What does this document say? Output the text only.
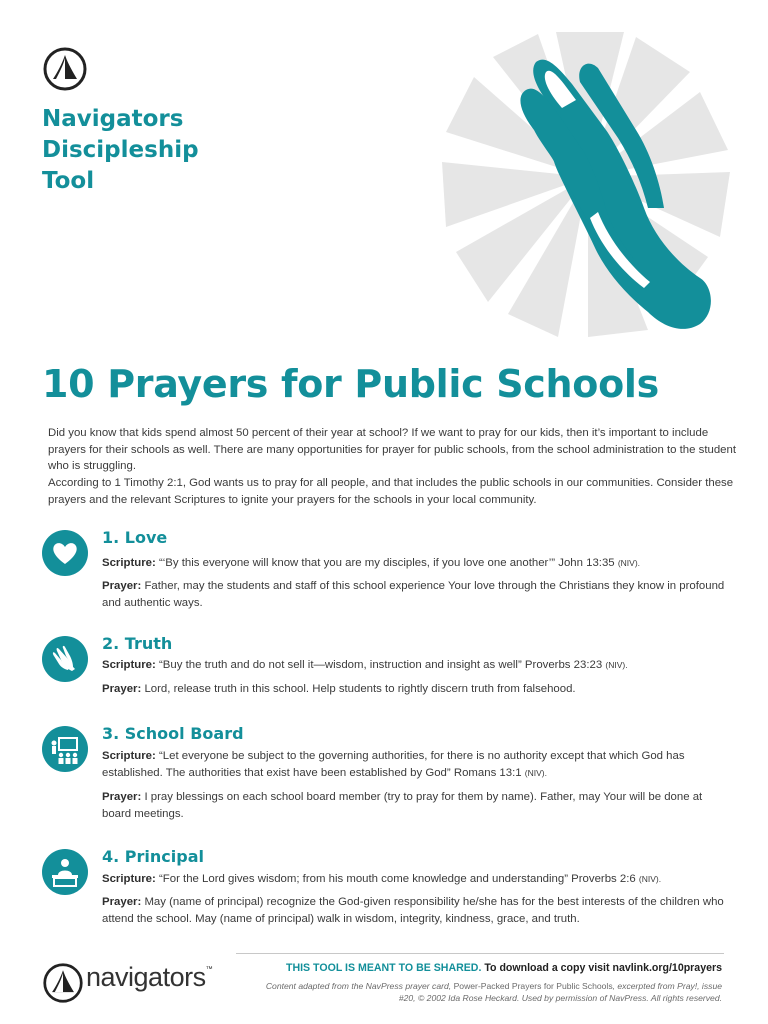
Navigators
Discipleship
Tool
10 Prayers for Public Schools

Did you know that kids spend almost 50 percent of their year at school? If we want to pray for our kids, then it’s important to include prayers for their schools as well. There are many opportunities for prayer for public schools, from the school administration to the student who is struggling.

According to 1 Timothy 2:1, God wants us to pray for all people, and that includes the public schools in our communities. Consider these prayers and the relevant Scriptures to ignite your prayers for the schools in your local community.

1. Love

Scripture: “‘By this everyone will know that you are my disciples, if you love one another’” John 13:35 (NIV).

Prayer: Father, may the students and staff of this school experience Your love through the Christians they know in profound and authentic ways.

2. Truth

Scripture: “Buy the truth and do not sell it—wisdom, instruction and insight as well” Proverbs 23:23 (NIV).

Prayer: Lord, release truth in this school. Help students to rightly discern truth from falsehood.

3. School Board

Scripture: “Let everyone be subject to the governing authorities, for there is no authority except that which God has established. The authorities that exist have been established by God” Romans 13:1 (NIV).

Prayer: I pray blessings on each school board member (try to pray for them by name). Father, may Your will be done at board meetings.

4. Principal

Scripture: “For the Lord gives wisdom; from his mouth come knowledge and understanding” Proverbs 2:6 (NIV).

Prayer: May (name of principal) recognize the God-given responsibility he/she has for the best interests of the children who attend the school. May (name of principal) walk in wisdom, integrity, kindness, grace, and truth.

navigators™	THIS TOOL IS MEANT TO BE SHARED. To download a copy visit navlink.org/10prayers

Content adapted from the NavPress prayer card, Power-Packed Prayers for Public Schools, excerpted from Pray!, issue #20, © 2002 Ida Rose Heckard. Used by permission of NavPress. All rights reserved.
